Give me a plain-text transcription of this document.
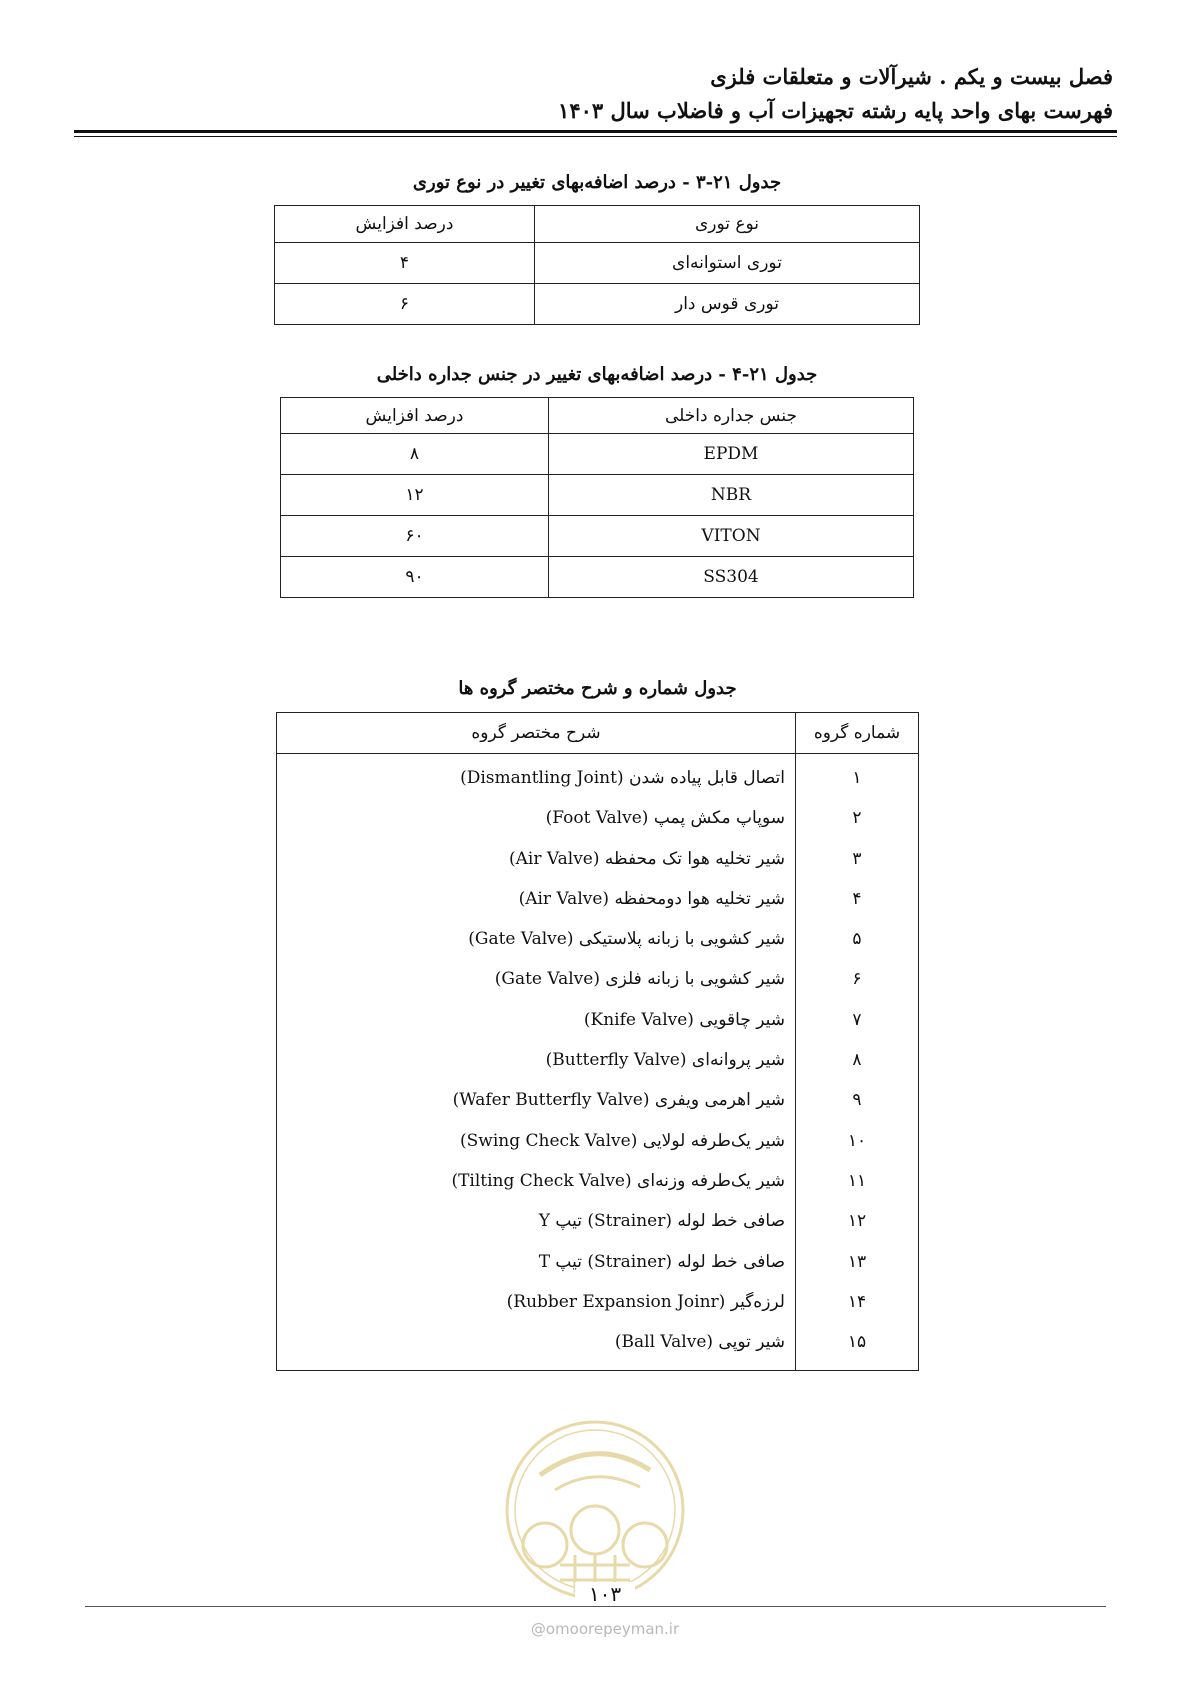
فصل بیست و یکم . شیرآلات و متعلقات فلزی
فهرست بهای واحد پایه رشته تجهیزات آب و فاضلاب سال ۱۴۰۳
جدول ۲۱-۳ - درصد اضافه‌بهای تغییر در نوع توری
نوع توری	درصد افزایش
توری استوانه‌ای	۴
توری قوس دار	۶
جدول ۲۱-۴ - درصد اضافه‌بهای تغییر در جنس جداره داخلی
جنس جداره داخلی	درصد افزایش
EPDM	۸
NBR	۱۲
VITON	۶۰
SS304	۹۰
جدول شماره و شرح مختصر گروه ها
شماره گروه	شرح مختصر گروه
۱	اتصال قابل پیاده شدن (Dismantling Joint)
۲	سوپاپ مکش پمپ (Foot Valve)
۳	شیر تخلیه هوا تک محفظه (Air Valve)
۴	شیر تخلیه هوا دومحفظه (Air Valve)
۵	شیر کشویی با زبانه پلاستیکی (Gate Valve)
۶	شیر کشویی با زبانه فلزی (Gate Valve)
۷	شیر چاقویی (Knife Valve)
۸	شیر پروانه‌ای (Butterfly Valve)
۹	شیر اهرمی ویفری (Wafer Butterfly Valve)
۱۰	شیر یک‌طرفه لولایی (Swing Check Valve)
۱۱	شیر یک‌طرفه وزنه‌ای (Tilting Check Valve)
۱۲	صافی خط لوله (Strainer) تیپ Y
۱۳	صافی خط لوله (Strainer) تیپ T
۱۴	لرزه‌گیر (Rubber Expansion Joinr)
۱۵	شیر توپی (Ball Valve)
۱۰۳
@omoorepeyman.ir
